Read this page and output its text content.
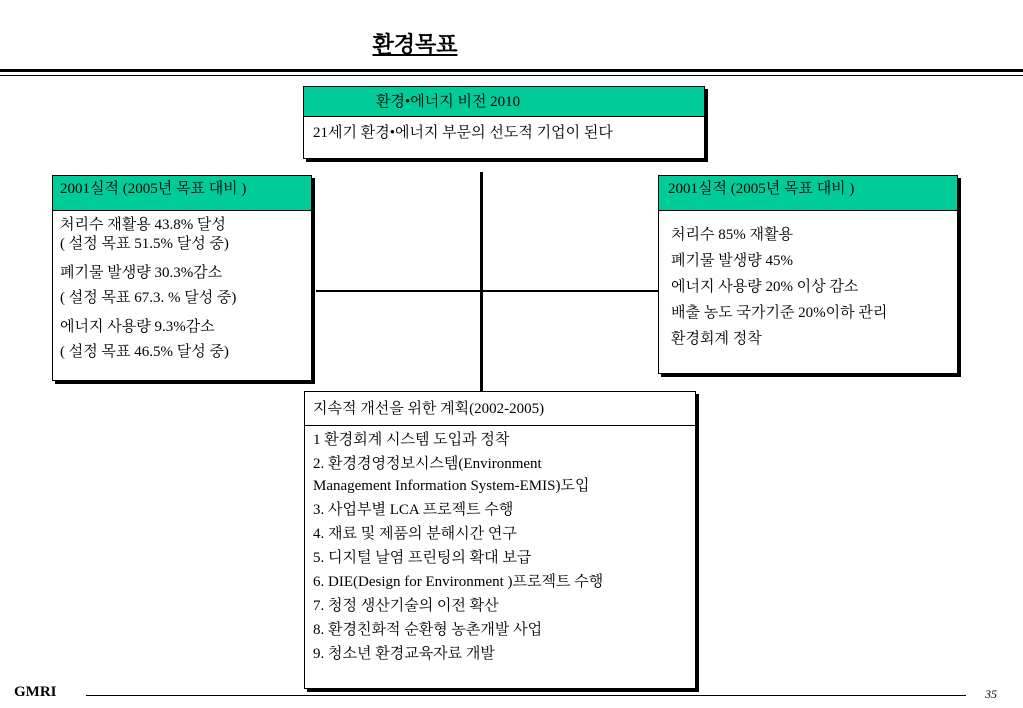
환경목표
환경•에너지 비전 2010
21세기 환경•에너지 부문의 선도적 기업이 된다
2001실적 (2005년 목표 대비 )
처리수 재활용 43.8% 달성
( 설정 목표 51.5% 달성 중)
폐기물 발생량 30.3%감소
( 설정 목표 67.3. % 달성 중)
에너지 사용량 9.3%감소
( 설정 목표 46.5% 달성 중)
2001실적 (2005년 목표 대비 )
처리수 85% 재활용
폐기물 발생량 45%
에너지 사용량 20% 이상 감소
배출 농도 국가기준 20%이하 관리
환경회계 정착
지속적 개선을 위한 계획(2002-2005)
1 환경회계 시스템 도입과 정착
2. 환경경영정보시스템(Environment
Management Information System-EMIS)도입
3. 사업부별 LCA 프로젝트 수행
4. 재료 및 제품의 분해시간 연구
5. 디지털 날염 프린팅의 확대 보급
6. DIE(Design for Environment )프로젝트 수행
7. 청정 생산기술의 이전 확산
8. 환경친화적 순환형 농촌개발 사업
9. 청소년 환경교육자료 개발
GMRI	35
